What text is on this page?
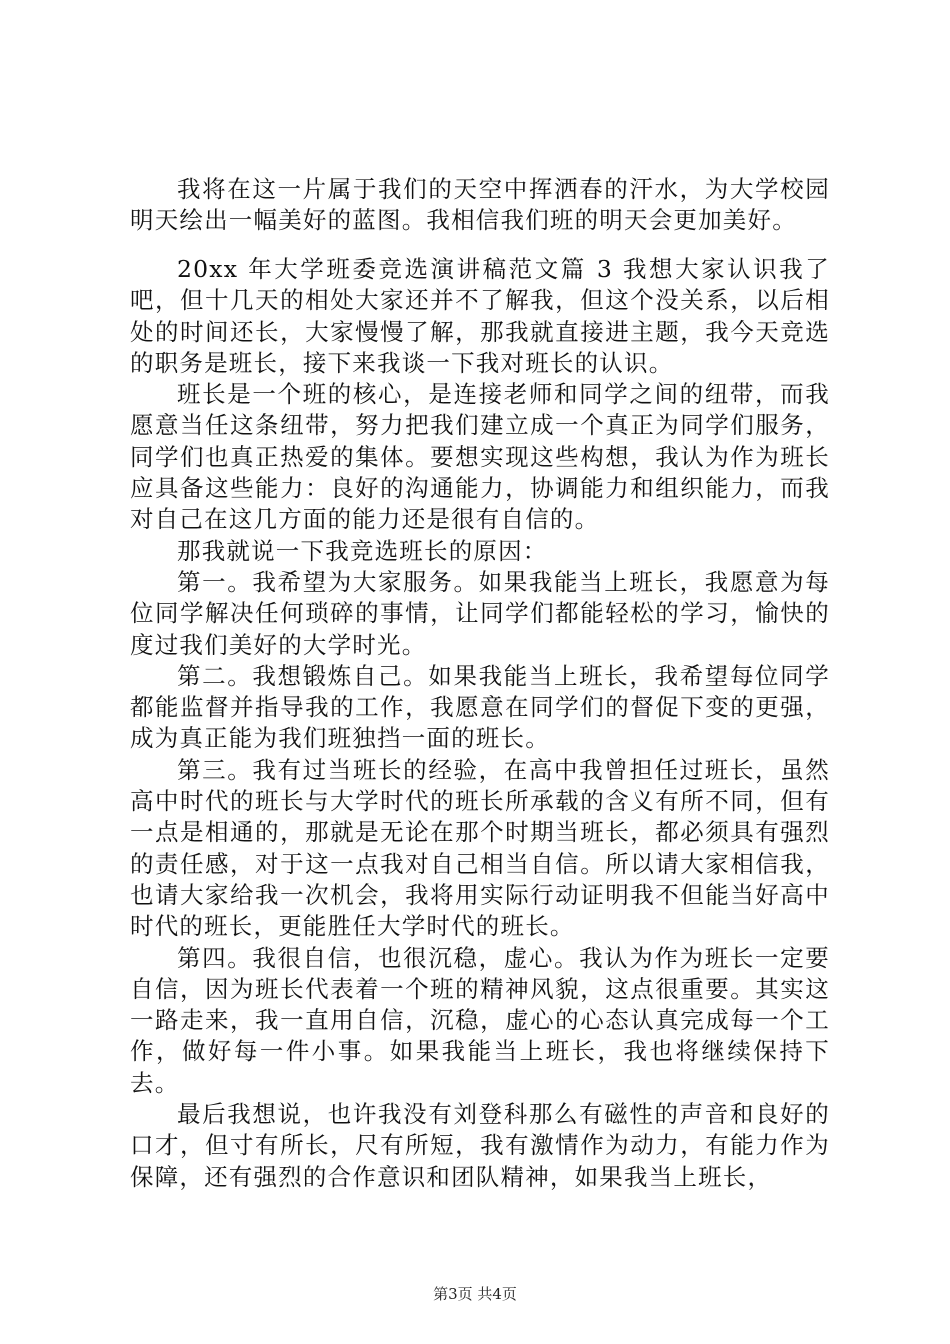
我将在这一片属于我们的天空中挥洒春的汗水，为大学校园明天绘出一幅美好的蓝图。我相信我们班的明天会更加美好。

20xx 年大学班委竞选演讲稿范文篇 3 我想大家认识我了吧，但十几天的相处大家还并不了解我，但这个没关系，以后相处的时间还长，大家慢慢了解，那我就直接进主题，我今天竞选的职务是班长，接下来我谈一下我对班长的认识。

班长是一个班的核心，是连接老师和同学之间的纽带，而我愿意当任这条纽带，努力把我们建立成一个真正为同学们服务，同学们也真正热爱的集体。要想实现这些构想，我认为作为班长应具备这些能力：良好的沟通能力，协调能力和组织能力，而我对自己在这几方面的能力还是很有自信的。

那我就说一下我竞选班长的原因：

第一。我希望为大家服务。如果我能当上班长，我愿意为每位同学解决任何琐碎的事情，让同学们都能轻松的学习，愉快的度过我们美好的大学时光。

第二。我想锻炼自己。如果我能当上班长，我希望每位同学都能监督并指导我的工作，我愿意在同学们的督促下变的更强，成为真正能为我们班独挡一面的班长。

第三。我有过当班长的经验，在高中我曾担任过班长，虽然高中时代的班长与大学时代的班长所承载的含义有所不同，但有一点是相通的，那就是无论在那个时期当班长，都必须具有强烈的责任感，对于这一点我对自己相当自信。所以请大家相信我，也请大家给我一次机会，我将用实际行动证明我不但能当好高中时代的班长，更能胜任大学时代的班长。

第四。我很自信，也很沉稳，虚心。我认为作为班长一定要自信，因为班长代表着一个班的精神风貌，这点很重要。其实这一路走来，我一直用自信，沉稳，虚心的心态认真完成每一个工作，做好每一件小事。如果我能当上班长，我也将继续保持下去。

最后我想说，也许我没有刘登科那么有磁性的声音和良好的口才，但寸有所长，尺有所短，我有激情作为动力，有能力作为保障，还有强烈的合作意识和团队精神，如果我当上班长，

第3页 共4页
